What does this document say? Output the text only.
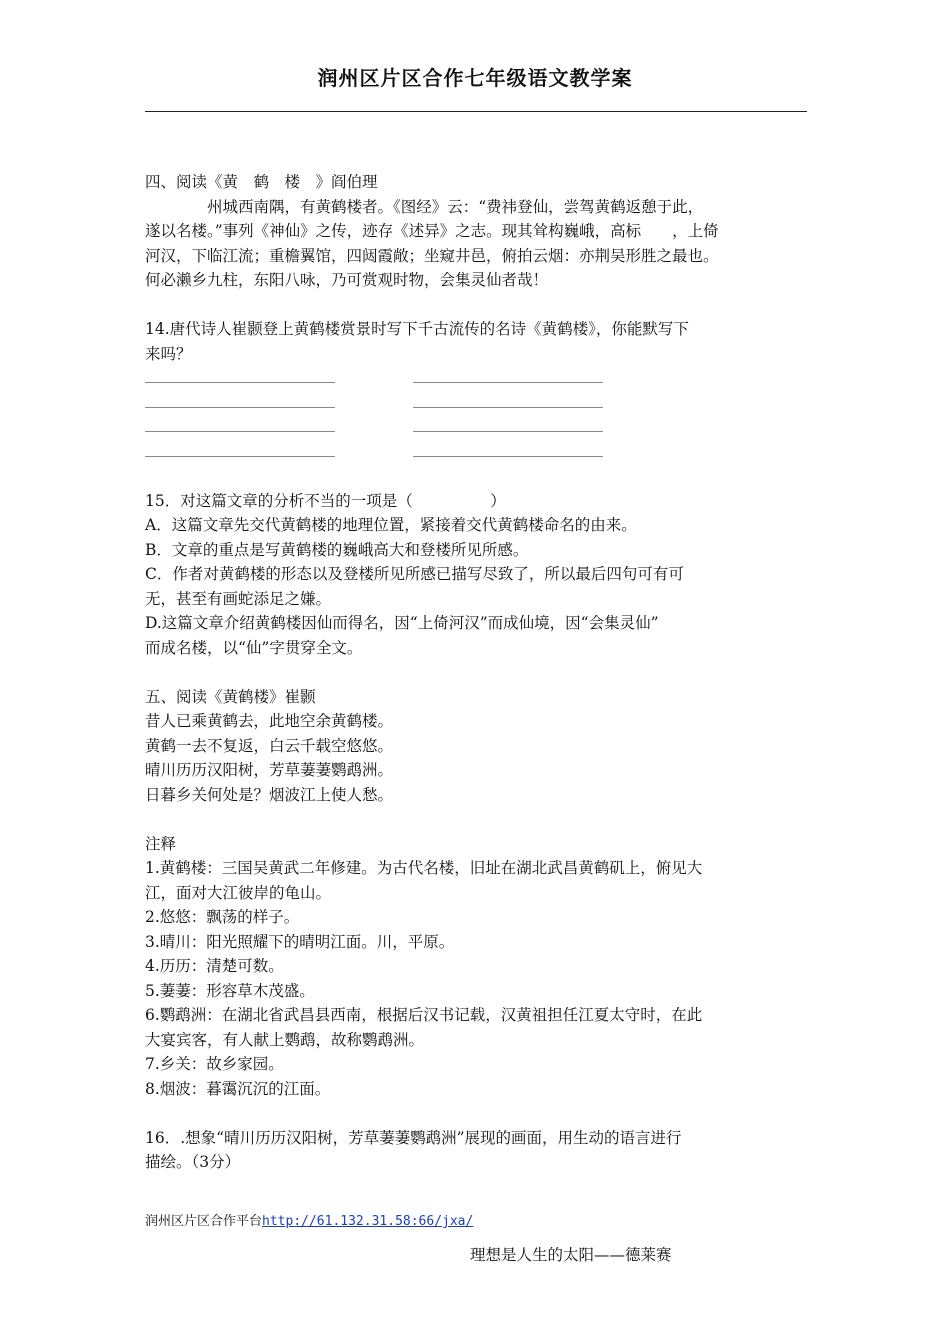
润州区片区合作七年级语文教学案

四、阅读《黄　鹤　楼　》阎伯理

　　　　州城西南隅，有黄鹤楼者。《图经》云：“费祎登仙，尝驾黄鹤返憩于此，

遂以名楼。”事列《神仙》之传，迹存《述异》之志。现其耸构巍峨，高标　　，上倚

河汉，下临江流；重檐翼馆，四闼霞敞；坐窥井邑，俯拍云烟：亦荆吴形胜之最也。

何必濑乡九柱，东阳八咏，乃可赏观时物，会集灵仙者哉！

14.唐代诗人崔颢登上黄鹤楼赏景时写下千古流传的名诗《黄鹤楼》，你能默写下

来吗？

15．对这篇文章的分析不当的一项是（　　　　　）

A．这篇文章先交代黄鹤楼的地理位置，紧接着交代黄鹤楼命名的由来。

B．文章的重点是写黄鹤楼的巍峨高大和登楼所见所感。

C．作者对黄鹤楼的形态以及登楼所见所感已描写尽致了，所以最后四句可有可

无，甚至有画蛇添足之嫌。

D.这篇文章介绍黄鹤楼因仙而得名，因“上倚河汉”而成仙境，因“会集灵仙”

而成名楼，以“仙”字贯穿全文。

五、阅读《黄鹤楼》崔颢

昔人已乘黄鹤去，此地空余黄鹤楼。

黄鹤一去不复返，白云千载空悠悠。

晴川历历汉阳树，芳草萋萋鹦鹉洲。

日暮乡关何处是？烟波江上使人愁。

注释

1.黄鹤楼：三国吴黄武二年修建。为古代名楼，旧址在湖北武昌黄鹤矶上，俯见大

江，面对大江彼岸的龟山。

2.悠悠：飘荡的样子。

3.晴川：阳光照耀下的晴明江面。川，平原。

4.历历：清楚可数。

5.萋萋：形容草木茂盛。

6.鹦鹉洲：在湖北省武昌县西南，根据后汉书记载，汉黄祖担任江夏太守时，在此

大宴宾客，有人献上鹦鹉，故称鹦鹉洲。

7.乡关：故乡家园。

8.烟波：暮霭沉沉的江面。

16．.想象“晴川历历汉阳树，芳草萋萋鹦鹉洲”展现的画面，用生动的语言进行

描绘。（3分）

润州区片区合作平台http://61.132.31.58:66/jxa/
理想是人生的太阳——德莱赛
